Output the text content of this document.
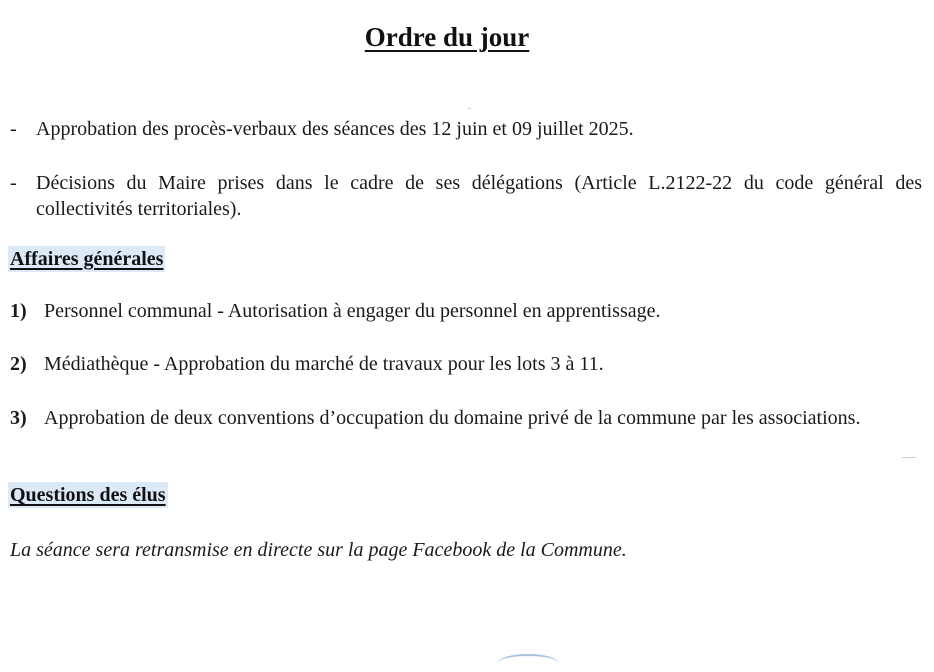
Ordre du jour
- Approbation des procès-verbaux des séances des 12 juin et 09 juillet 2025.
- Décisions du Maire prises dans le cadre de ses délégations (Article L.2122-22 du code général des collectivités territoriales).
Affaires générales
1) Personnel communal - Autorisation à engager du personnel en apprentissage.
2) Médiathèque - Approbation du marché de travaux pour les lots 3 à 11.
3) Approbation de deux conventions d’occupation du domaine privé de la commune par les associations.
Questions des élus
La séance sera retransmise en directe sur la page Facebook de la Commune.
